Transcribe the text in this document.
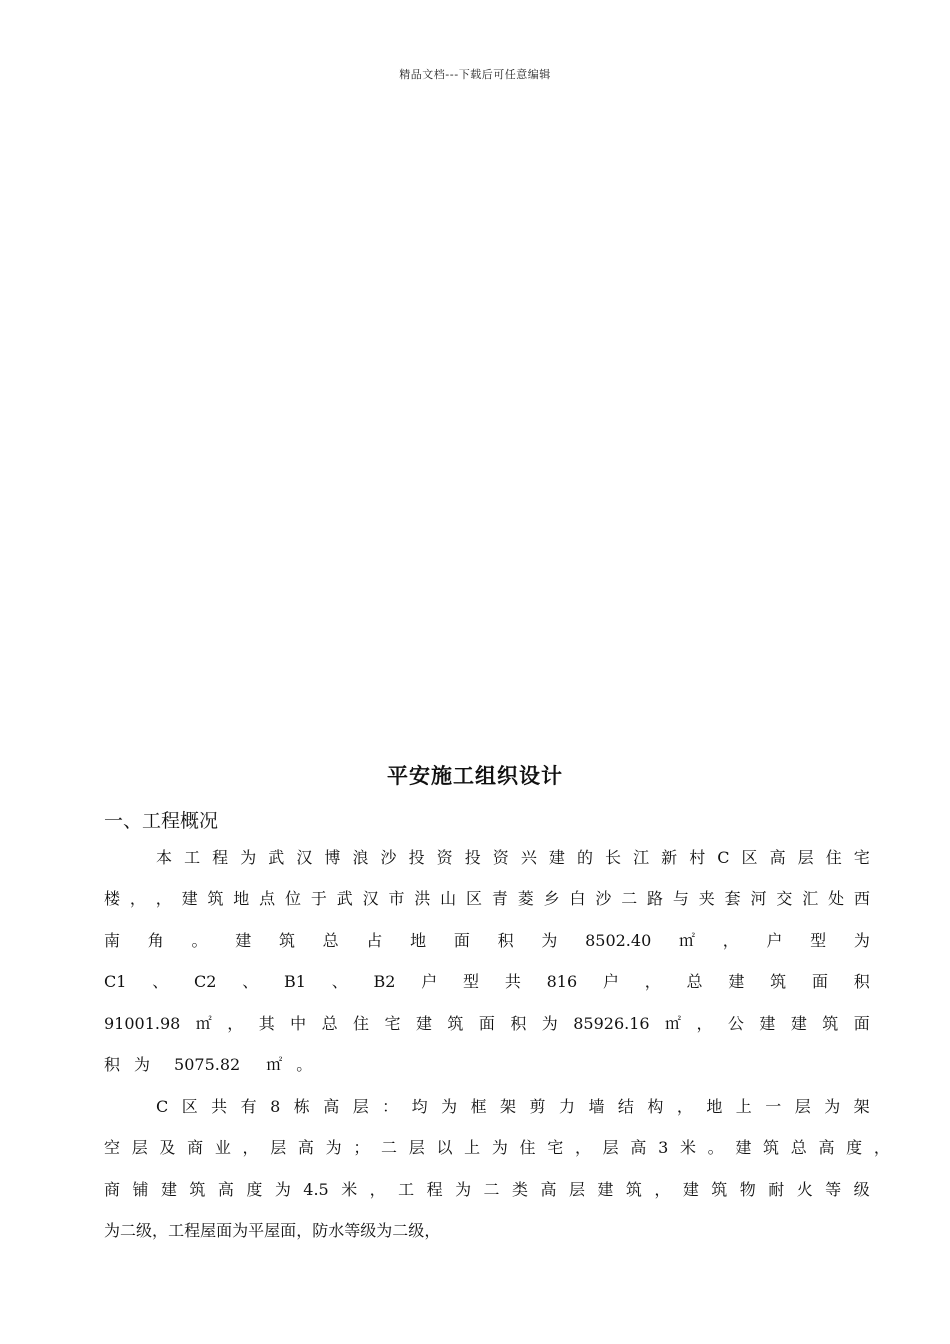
精品文档---下载后可任意编辑
平安施工组织设计
一、工程概况
本 工 程 为 武 汉 博 浪 沙 投 资 投 资 兴 建 的 长 江 新 村 C 区 高 层 住 宅
楼 ， ， 建 筑 地 点 位 于 武 汉 市 洪 山 区 青 菱 乡 白 沙 二 路 与 夹 套 河 交 汇 处 西
南 角 。 建 筑 总 占 地 面 积 为 8502.40 ㎡ ， 户 型 为
C1 、 C2 、 B1 、 B2 户 型 共 816 户 ， 总 建 筑 面 积
91001.98 ㎡ ， 其 中 总 住 宅 建 筑 面 积 为 85926.16 ㎡ ， 公 建 建 筑 面
积 为 5075.82 ㎡ 。
C 区 共 有 8 栋 高 层 ： 均 为 框 架 剪 力 墙 结 构 ， 地 上 一 层 为 架
空 层 及 商 业 ， 层 高 为 ； 二 层 以 上 为 住 宅 ， 层 高 3 米 。 建 筑 总 高 度 ，
商 铺 建 筑 高 度 为 4.5 米 ， 工 程 为 二 类 高 层 建 筑 ， 建 筑 物 耐 火 等 级
为 二 级 ， 工 程 屋 面 为 平 屋 面 ， 防 水 等 级 为 二 级 ，
